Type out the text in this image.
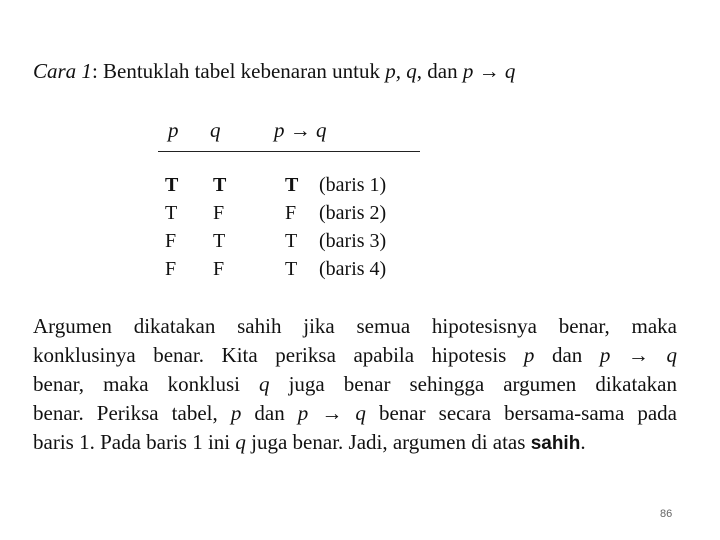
Cara 1: Bentuklah tabel kebenaran untuk p, q, dan p → q
p q	p → q
T T	T (baris 1)
T F	F (baris 2)
F T	T (baris 3)
F F	T (baris 4)
Argumen dikatakan sahih jika semua hipotesisnya benar, maka
konklusinya benar. Kita periksa apabila hipotesis p dan p → q
benar, maka konklusi q juga benar sehingga argumen dikatakan
benar. Periksa tabel, p dan p → q benar secara bersama-sama pada
baris 1. Pada baris 1 ini q juga benar. Jadi, argumen di atas sahih.
86
